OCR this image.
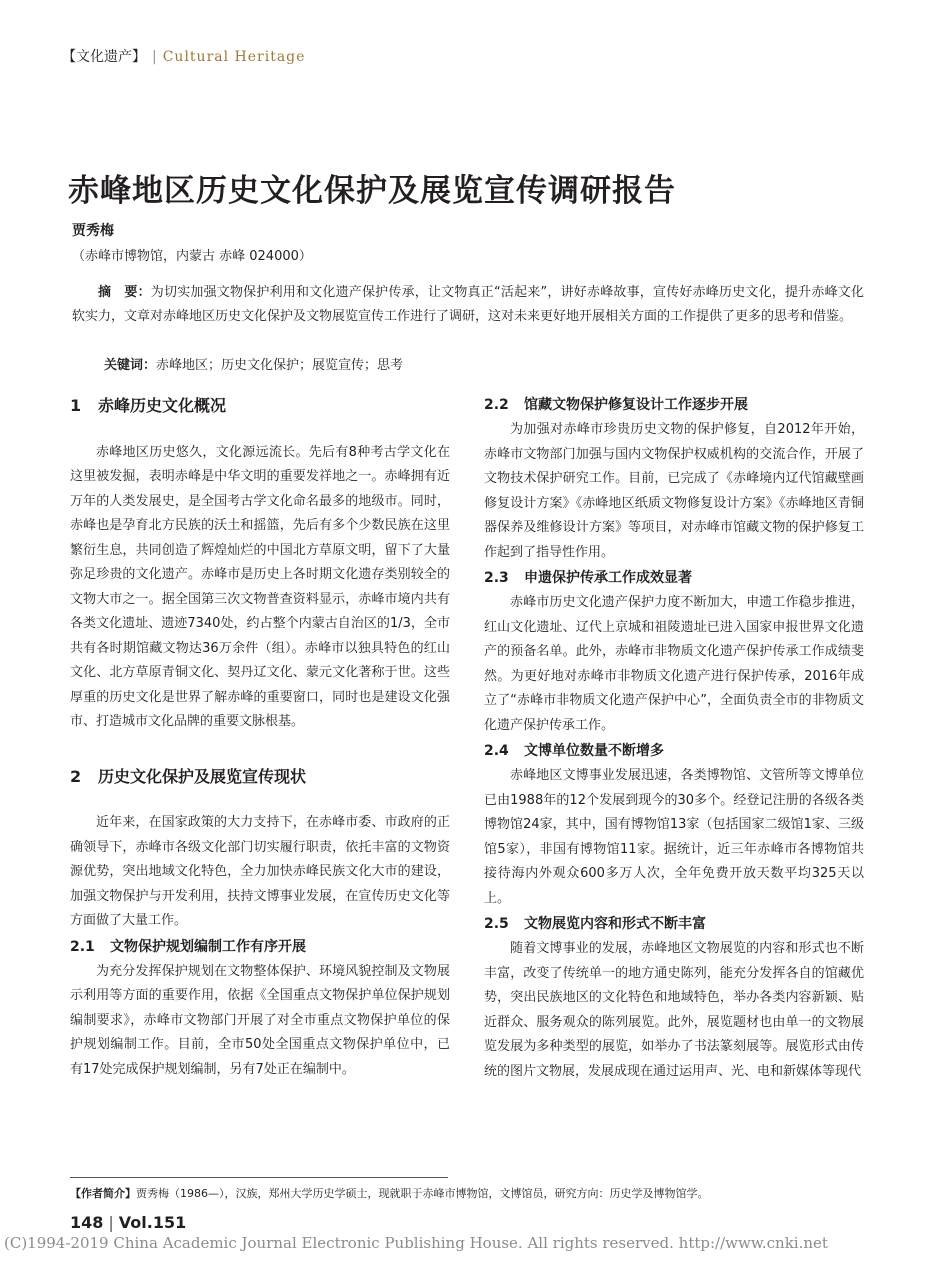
【文化遗产】 | Cultural Heritage
赤峰地区历史文化保护及展览宣传调研报告
贾秀梅
（赤峰市博物馆，内蒙古 赤峰 024000）

摘　要：为切实加强文物保护利用和文化遗产保护传承，让文物真正“活起来”，讲好赤峰故事，宣传好赤峰历史文化，提升赤峰文化软实力，文章对赤峰地区历史文化保护及文物展览宣传工作进行了调研，这对未来更好地开展相关方面的工作提供了更多的思考和借鉴。

关键词：赤峰地区；历史文化保护；展览宣传；思考
1 赤峰历史文化概况

赤峰地区历史悠久，文化源远流长。先后有8种考古学文化在这里被发掘，表明赤峰是中华文明的重要发祥地之一。赤峰拥有近万年的人类发展史，是全国考古学文化命名最多的地级市。同时，赤峰也是孕育北方民族的沃土和摇篮，先后有多个少数民族在这里繁衍生息，共同创造了辉煌灿烂的中国北方草原文明，留下了大量弥足珍贵的文化遗产。赤峰市是历史上各时期文化遗存类别较全的文物大市之一。据全国第三次文物普查资料显示，赤峰市境内共有各类文化遗址、遗迹7340处，约占整个内蒙古自治区的1/3，全市共有各时期馆藏文物达36万余件（组）。赤峰市以独具特色的红山文化、北方草原青铜文化、契丹辽文化、蒙元文化著称于世。这些厚重的历史文化是世界了解赤峰的重要窗口，同时也是建设文化强市、打造城市文化品牌的重要文脉根基。

2 历史文化保护及展览宣传现状

近年来，在国家政策的大力支持下，在赤峰市委、市政府的正确领导下，赤峰市各级文化部门切实履行职责，依托丰富的文物资源优势，突出地域文化特色，全力加快赤峰民族文化大市的建设，加强文物保护与开发利用，扶持文博事业发展，在宣传历史文化等方面做了大量工作。

2.1 文物保护规划编制工作有序开展

为充分发挥保护规划在文物整体保护、环境风貌控制及文物展示利用等方面的重要作用，依据《全国重点文物保护单位保护规划编制要求》，赤峰市文物部门开展了对全市重点文物保护单位的保护规划编制工作。目前，全市50处全国重点文物保护单位中，已有17处完成保护规划编制，另有7处正在编制中。

2.2 馆藏文物保护修复设计工作逐步开展

为加强对赤峰市珍贵历史文物的保护修复，自2012年开始，赤峰市文物部门加强与国内文物保护权威机构的交流合作，开展了文物技术保护研究工作。目前，已完成了《赤峰境内辽代馆藏壁画修复设计方案》《赤峰地区纸质文物修复设计方案》《赤峰地区青铜器保养及维修设计方案》等项目，对赤峰市馆藏文物的保护修复工作起到了指导性作用。

2.3 申遗保护传承工作成效显著

赤峰市历史文化遗产保护力度不断加大，申遗工作稳步推进，红山文化遗址、辽代上京城和祖陵遗址已进入国家申报世界文化遗产的预备名单。此外，赤峰市非物质文化遗产保护传承工作成绩斐然。为更好地对赤峰市非物质文化遗产进行保护传承，2016年成立了“赤峰市非物质文化遗产保护中心”，全面负责全市的非物质文化遗产保护传承工作。

2.4 文博单位数量不断增多

赤峰地区文博事业发展迅速，各类博物馆、文管所等文博单位已由1988年的12个发展到现今的30多个。经登记注册的各级各类博物馆24家，其中，国有博物馆13家（包括国家二级馆1家、三级馆5家），非国有博物馆11家。据统计，近三年赤峰市各博物馆共接待海内外观众600多万人次，全年免费开放天数平均325天以上。

2.5 文物展览内容和形式不断丰富

随着文博事业的发展，赤峰地区文物展览的内容和形式也不断丰富，改变了传统单一的地方通史陈列，能充分发挥各自的馆藏优势，突出民族地区的文化特色和地域特色，举办各类内容新颖、贴近群众、服务观众的陈列展览。此外，展览题材也由单一的文物展览发展为多种类型的展览，如举办了书法篆刻展等。展览形式由传统的图片文物展，发展成现在通过运用声、光、电和新媒体等现代

【作者简介】贾秀梅（1986—），汉族，郑州大学历史学硕士，现就职于赤峰市博物馆，文博馆员，研究方向：历史学及博物馆学。
148 | Vol.151
(C)1994-2019 China Academic Journal Electronic Publishing House. All rights reserved. http://www.cnki.net
